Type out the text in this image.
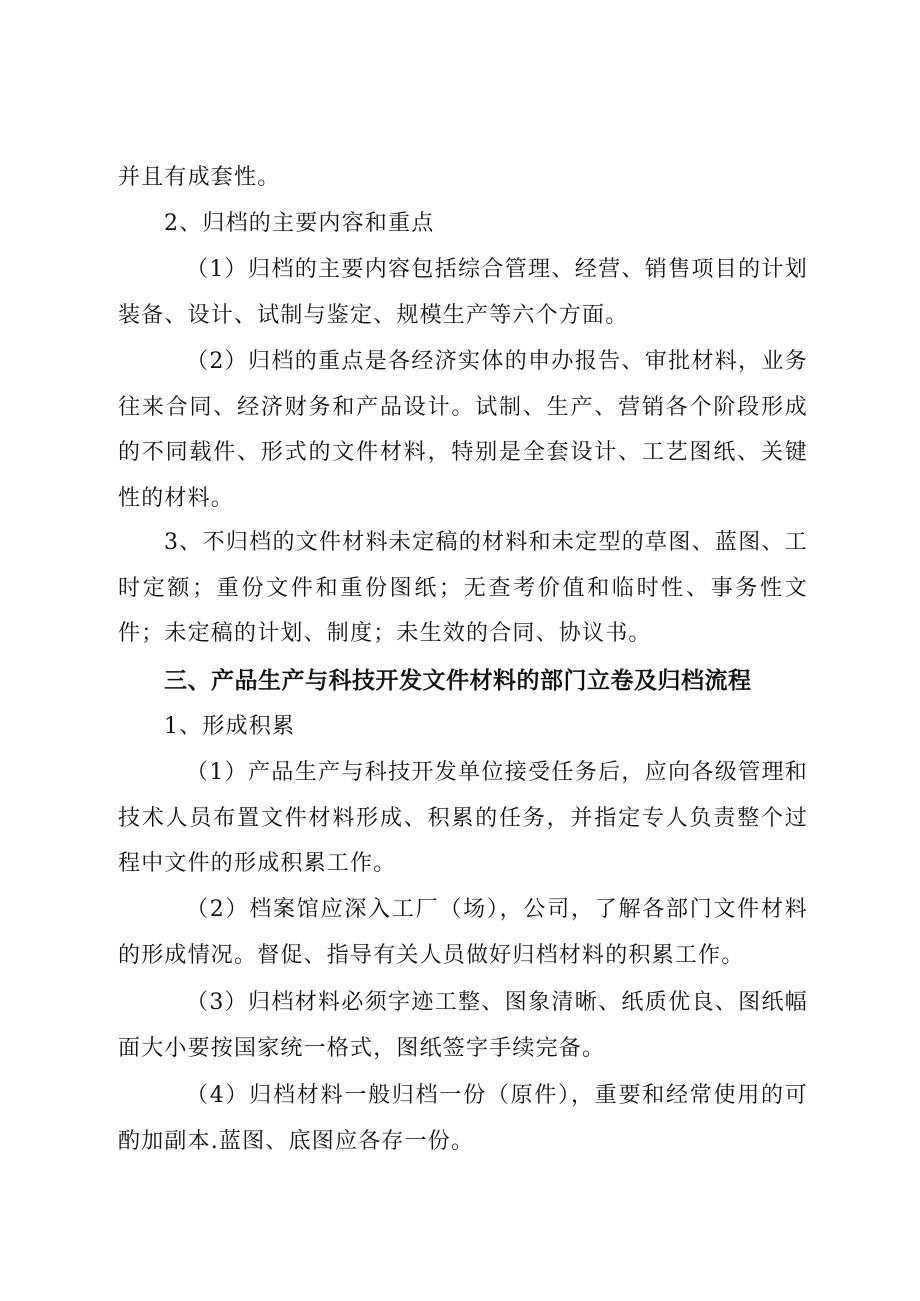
并且有成套性。

2、归档的主要内容和重点

（1）归档的主要内容包括综合管理、经营、销售项目的计划装备、设计、试制与鉴定、规模生产等六个方面。

（2）归档的重点是各经济实体的申办报告、审批材料，业务往来合同、经济财务和产品设计。试制、生产、营销各个阶段形成的不同载件、形式的文件材料，特别是全套设计、工艺图纸、关键性的材料。

3、不归档的文件材料未定稿的材料和未定型的草图、蓝图、工时定额；重份文件和重份图纸；无查考价值和临时性、事务性文件；未定稿的计划、制度；未生效的合同、协议书。

三、产品生产与科技开发文件材料的部门立卷及归档流程

1、形成积累

（1）产品生产与科技开发单位接受任务后，应向各级管理和技术人员布置文件材料形成、积累的任务，并指定专人负责整个过程中文件的形成积累工作。

（2）档案馆应深入工厂（场），公司，了解各部门文件材料的形成情况。督促、指导有关人员做好归档材料的积累工作。

（3）归档材料必须字迹工整、图象清晰、纸质优良、图纸幅面大小要按国家统一格式，图纸签字手续完备。

（4）归档材料一般归档一份（原件），重要和经常使用的可酌加副本.蓝图、底图应各存一份。
